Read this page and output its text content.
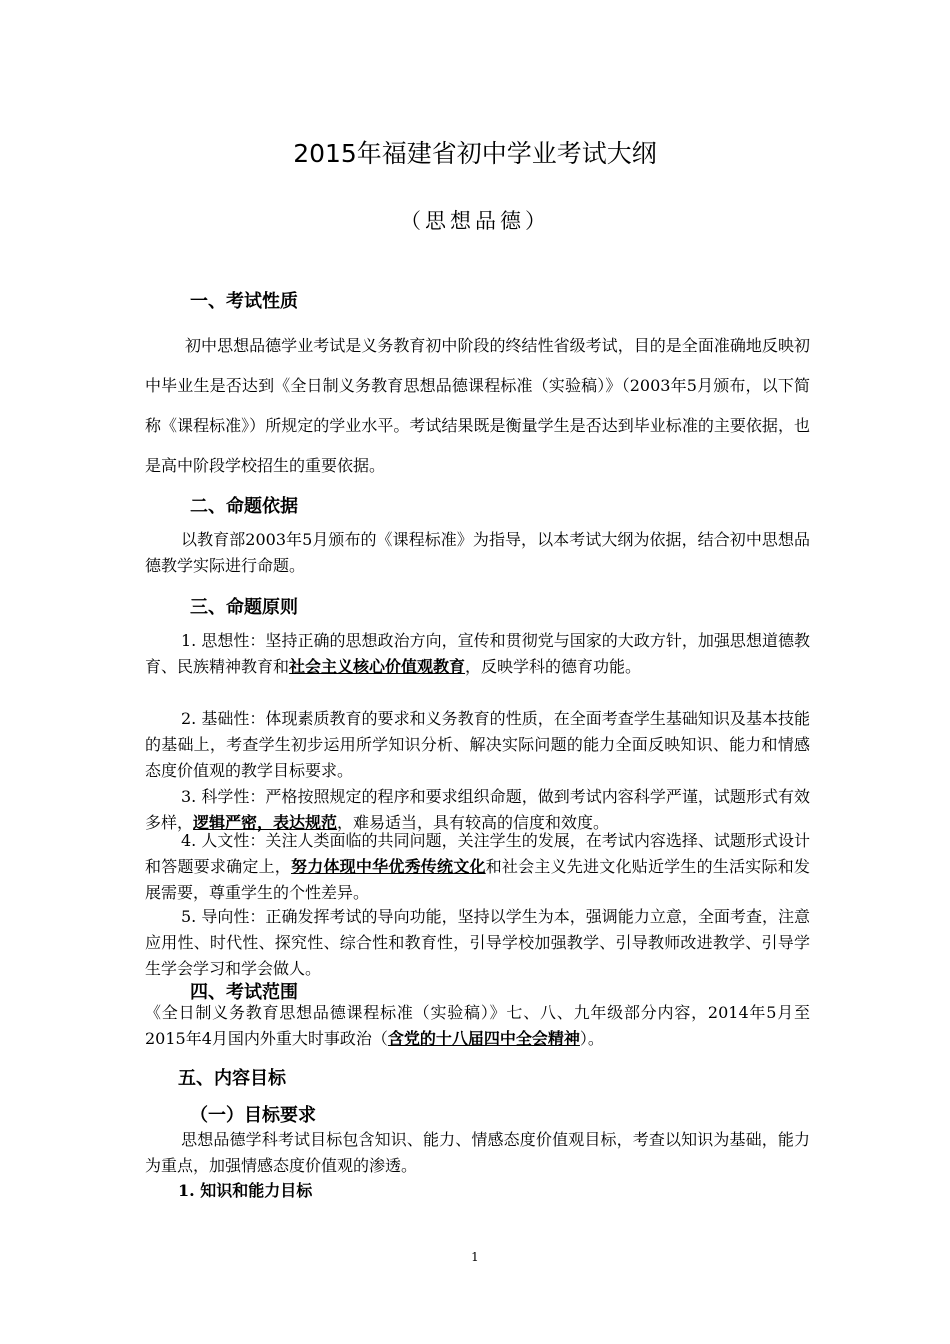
2015年福建省初中学业考试大纲
（思想品德）
一、考试性质
初中思想品德学业考试是义务教育初中阶段的终结性省级考试，目的是全面准确地反映初中毕业生是否达到《全日制义务教育思想品德课程标准（实验稿）》（2003年5月颁布，以下简称《课程标准》）所规定的学业水平。考试结果既是衡量学生是否达到毕业标准的主要依据，也是高中阶段学校招生的重要依据。
二、命题依据
以教育部2003年5月颁布的《课程标准》为指导，以本考试大纲为依据，结合初中思想品德教学实际进行命题。
三、命题原则
1. 思想性：坚持正确的思想政治方向，宣传和贯彻党与国家的大政方针，加强思想道德教育、民族精神教育和社会主义核心价值观教育，反映学科的德育功能。
2. 基础性：体现素质教育的要求和义务教育的性质，在全面考查学生基础知识及基本技能的基础上，考查学生初步运用所学知识分析、解决实际问题的能力全面反映知识、能力和情感态度价值观的教学目标要求。
3. 科学性：严格按照规定的程序和要求组织命题，做到考试内容科学严谨，试题形式有效多样，逻辑严密，表达规范，难易适当，具有较高的信度和效度。
4. 人文性：关注人类面临的共同问题，关注学生的发展，在考试内容选择、试题形式设计和答题要求确定上，努力体现中华优秀传统文化和社会主义先进文化贴近学生的生活实际和发展需要，尊重学生的个性差异。
5. 导向性：正确发挥考试的导向功能，坚持以学生为本，强调能力立意，全面考查，注意应用性、时代性、探究性、综合性和教育性，引导学校加强教学、引导教师改进教学、引导学生学会学习和学会做人。
四、考试范围
《全日制义务教育思想品德课程标准（实验稿）》七、八、九年级部分内容，2014年5月至2015年4月国内外重大时事政治（含党的十八届四中全会精神）。
五、内容目标
（一）目标要求
思想品德学科考试目标包含知识、能力、情感态度价值观目标，考查以知识为基础，能力为重点，加强情感态度价值观的渗透。
1. 知识和能力目标
1
